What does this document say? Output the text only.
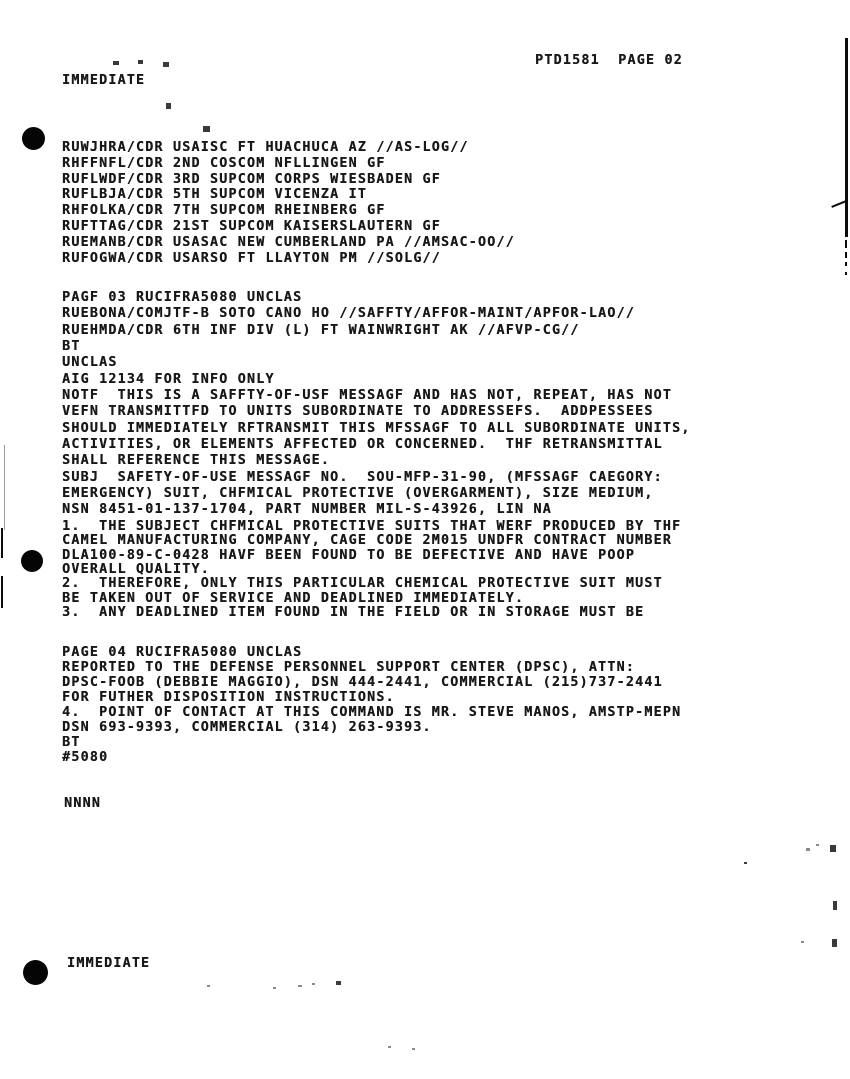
PTD1581  PAGE 02
IMMEDIATE
RUWJHRA/CDR USAISC FT HUACHUCA AZ //AS-LOG//
RHFFNFL/CDR 2ND COSCOM NFLLINGEN GF
RUFLWDF/CDR 3RD SUPCOM CORPS WIESBADEN GF
RUFLBJA/CDR 5TH SUPCOM VICENZA IT
RHFOLKA/CDR 7TH SUPCOM RHEINBERG GF
RUFTTAG/CDR 21ST SUPCOM KAISERSLAUTERN GF
RUEMANB/CDR USASAC NEW CUMBERLAND PA //AMSAC-OO//
RUFOGWA/CDR USARSO FT LLAYTON PM //SOLG//
PAGF 03 RUCIFRA5080 UNCLAS
RUEBONA/COMJTF-B SOTO CANO HO //SAFFTY/AFFOR-MAINT/APFOR-LAO//
RUEHMDA/CDR 6TH INF DIV (L) FT WAINWRIGHT AK //AFVP-CG//
BT
UNCLAS
AIG 12134 FOR INFO ONLY
NOTF  THIS IS A SAFFTY-OF-USF MESSAGF AND HAS NOT, REPEAT, HAS NOT
VEFN TRANSMITTFD TO UNITS SUBORDINATE TO ADDRESSEFS.  ADDPESSEES
SHOULD IMMEDIATELY RFTRANSMIT THIS MFSSAGF TO ALL SUBORDINATE UNITS,
ACTIVITIES, OR ELEMENTS AFFECTED OR CONCERNED.  THF RETRANSMITTAL
SHALL REFERENCE THIS MESSAGE.
SUBJ  SAFETY-OF-USE MESSAGF NO.  SOU-MFP-31-90, (MFSSAGF CAEGORY:
EMERGENCY) SUIT, CHFMICAL PROTECTIVE (OVERGARMENT), SIZE MEDIUM,
NSN 8451-01-137-1704, PART NUMBER MIL-S-43926, LIN NA
1.  THE SUBJECT CHFMICAL PROTECTIVE SUITS THAT WERF PRODUCED BY THF
CAMEL MANUFACTURING COMPANY, CAGE CODE 2M015 UNDFR CONTRACT NUMBER
DLA100-89-C-0428 HAVF BEEN FOUND TO BE DEFECTIVE AND HAVE POOP
OVERALL QUALITY.
2.  THEREFORE, ONLY THIS PARTICULAR CHEMICAL PROTECTIVE SUIT MUST
BE TAKEN OUT OF SERVICE AND DEADLINED IMMEDIATELY.
3.  ANY DEADLINED ITEM FOUND IN THE FIELD OR IN STORAGE MUST BE
PAGE 04 RUCIFRA5080 UNCLAS
REPORTED TO THE DEFENSE PERSONNEL SUPPORT CENTER (DPSC), ATTN:
DPSC-FOOB (DEBBIE MAGGIO), DSN 444-2441, COMMERCIAL (215)737-2441
FOR FUTHER DISPOSITION INSTRUCTIONS.
4.  POINT OF CONTACT AT THIS COMMAND IS MR. STEVE MANOS, AMSTP-MEPN
DSN 693-9393, COMMERCIAL (314) 263-9393.
BT
#5080
NNNN
IMMEDIATE
